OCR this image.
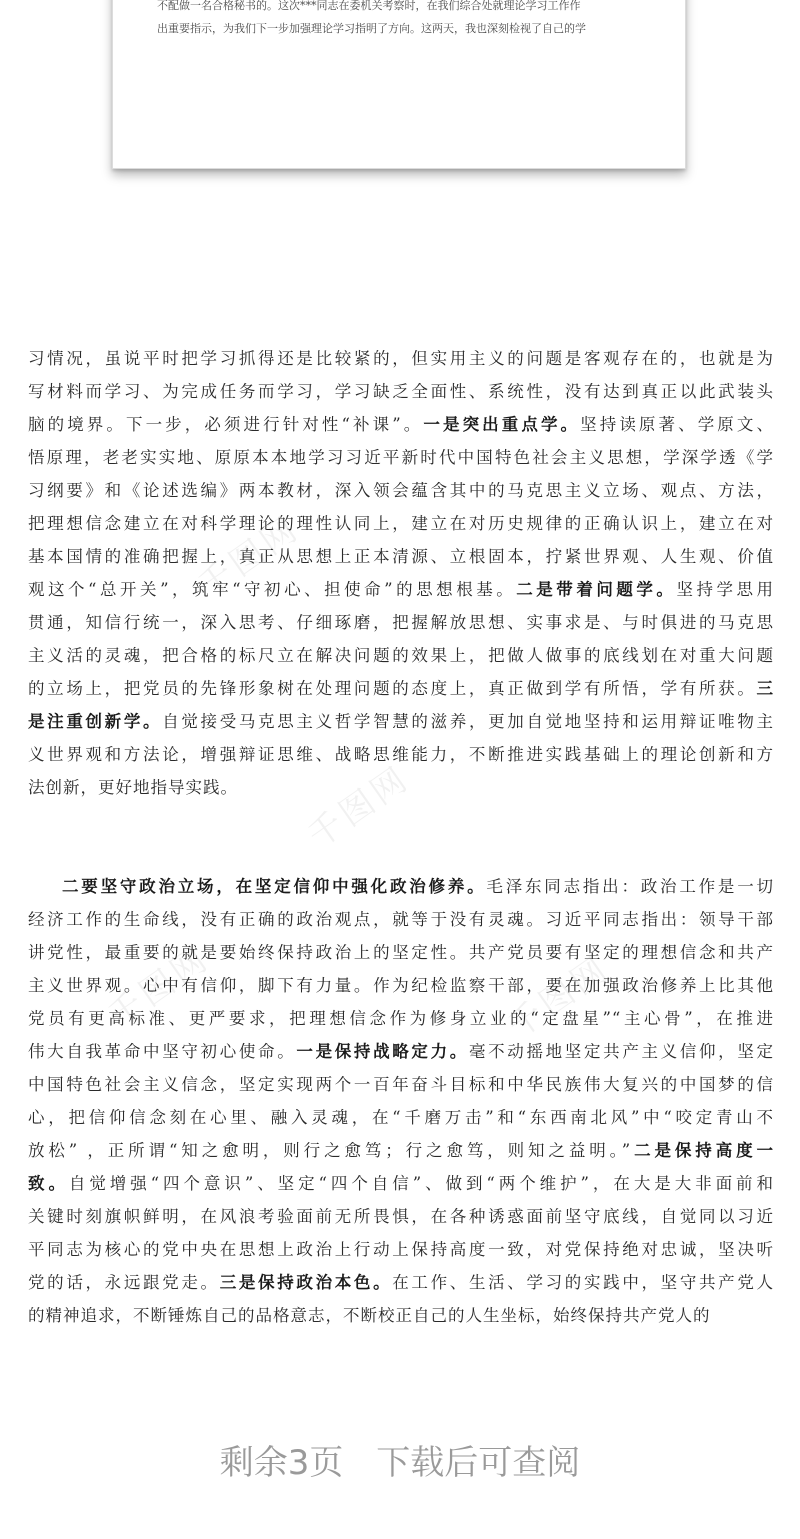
不配做一名合格秘书的。这次***同志在委机关考察时，在我们综合处就理论学习工作作

出重要指示，为我们下一步加强理论学习指明了方向。这两天，我也深刻检视了自己的学

千图网
千图网
千图网	千图网
习情况，虽说平时把学习抓得还是比较紧的，但实用主义的问题是客观存在的，也就是为
写材料而学习、为完成任务而学习，学习缺乏全面性、系统性，没有达到真正以此武装头
脑的境界。下一步，必须进行针对性“补课”。一是突出重点学。坚持读原著、学原文、
悟原理，老老实实地、原原本本地学习习近平新时代中国特色社会主义思想，学深学透《学
习纲要》和《论述选编》两本教材，深入领会蕴含其中的马克思主义立场、观点、方法，
把理想信念建立在对科学理论的理性认同上，建立在对历史规律的正确认识上，建立在对
基本国情的准确把握上，真正从思想上正本清源、立根固本，拧紧世界观、人生观、价值
观这个“总开关”，筑牢“守初心、担使命”的思想根基。二是带着问题学。坚持学思用
贯通，知信行统一，深入思考、仔细琢磨，把握解放思想、实事求是、与时俱进的马克思
主义活的灵魂，把合格的标尺立在解决问题的效果上，把做人做事的底线划在对重大问题
的立场上，把党员的先锋形象树在处理问题的态度上，真正做到学有所悟，学有所获。三
是注重创新学。自觉接受马克思主义哲学智慧的滋养，更加自觉地坚持和运用辩证唯物主
义世界观和方法论，增强辩证思维、战略思维能力，不断推进实践基础上的理论创新和方
法创新，更好地指导实践。
二要坚守政治立场，在坚定信仰中强化政治修养。毛泽东同志指出：政治工作是一切
经济工作的生命线，没有正确的政治观点，就等于没有灵魂。习近平同志指出：领导干部
讲党性，最重要的就是要始终保持政治上的坚定性。共产党员要有坚定的理想信念和共产
主义世界观。心中有信仰，脚下有力量。作为纪检监察干部，要在加强政治修养上比其他
党员有更高标准、更严要求，把理想信念作为修身立业的“定盘星”“主心骨”，在推进
伟大自我革命中坚守初心使命。一是保持战略定力。毫不动摇地坚定共产主义信仰，坚定
中国特色社会主义信念，坚定实现两个一百年奋斗目标和中华民族伟大复兴的中国梦的信
心，把信仰信念刻在心里、融入灵魂，在“千磨万击”和“东西南北风”中“咬定青山不
放松” ，正所谓“知之愈明，则行之愈笃；行之愈笃，则知之益明。”二是保持高度一
致。自觉增强“四个意识”、坚定“四个自信”、做到“两个维护”，在大是大非面前和
关键时刻旗帜鲜明，在风浪考验面前无所畏惧，在各种诱惑面前坚守底线，自觉同以习近
平同志为核心的党中央在思想上政治上行动上保持高度一致，对党保持绝对忠诚，坚决听
党的话，永远跟党走。三是保持政治本色。在工作、生活、学习的实践中，坚守共产党人
的精神追求，不断锤炼自己的品格意志，不断校正自己的人生坐标，始终保持共产党人的
剩余3页 下载后可查阅
